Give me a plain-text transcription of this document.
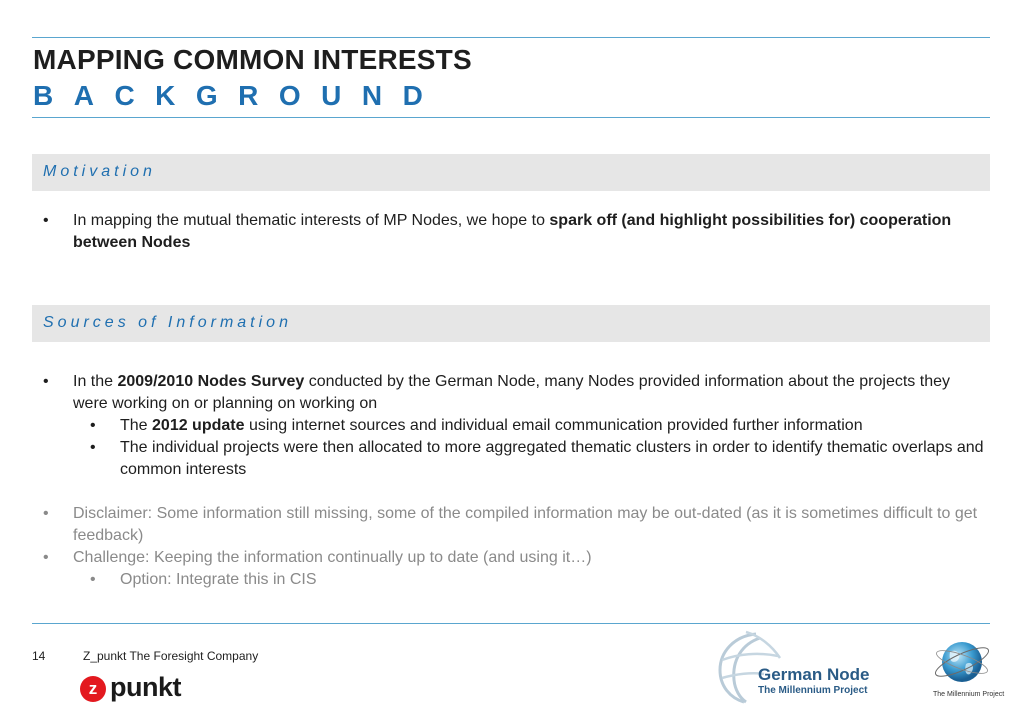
MAPPING COMMON INTERESTS
BACKGROUND
Motivation
• In mapping the mutual thematic interests of MP Nodes, we hope to spark off (and highlight possibilities for) cooperation between Nodes
Sources of Information
• In the 2009/2010 Nodes Survey conducted by the German Node, many Nodes provided information about the projects they were working on or planning on working on
• The 2012 update using internet sources and individual email communication provided further information
• The individual projects were then allocated to more aggregated thematic clusters in order to identify thematic overlaps and common interests
• Disclaimer: Some information still missing, some of the compiled information may be out-dated (as it is sometimes difficult to get feedback)
• Challenge: Keeping the information continually up to date (and using it…)
• Option: Integrate this in CIS
14	Z_punkt The Foresight Company
z punkt	German Node
The Millennium Project	The Millennium Project
